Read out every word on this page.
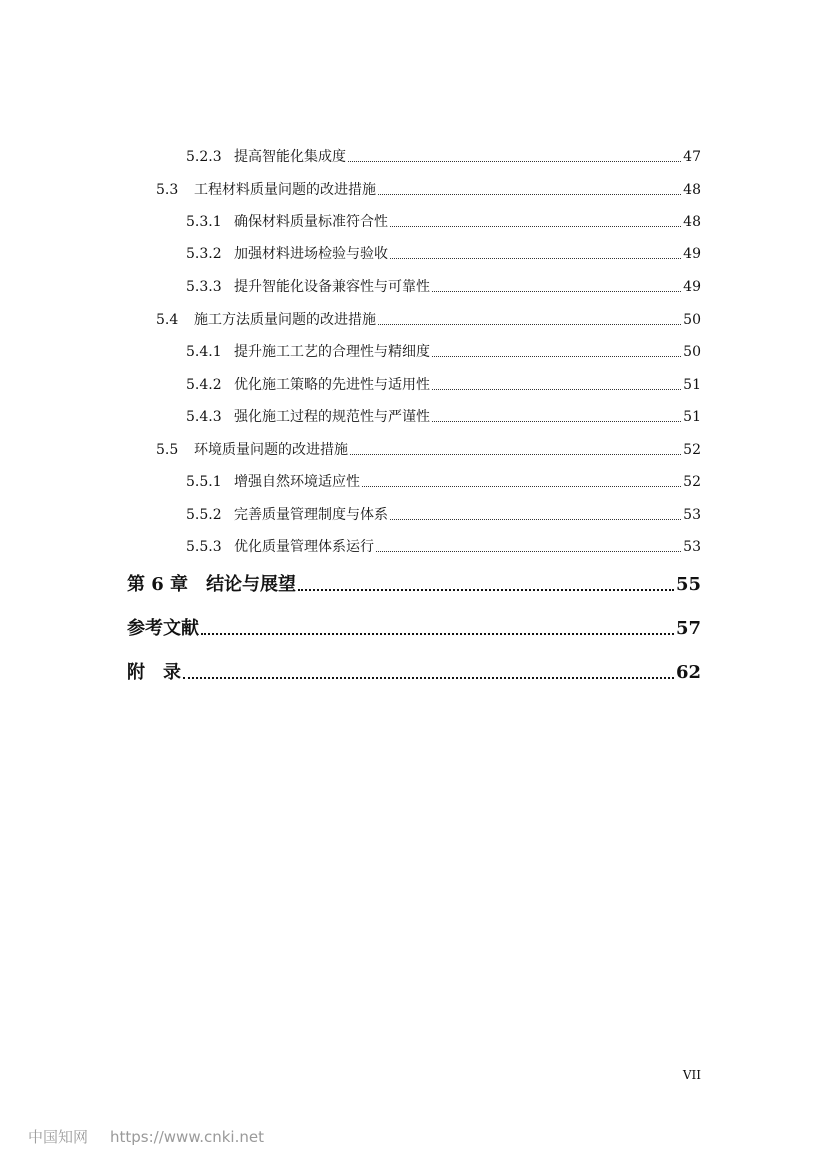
5.2.3 提高智能化集成度	47
5.3	工程材料质量问题的改进措施	48
5.3.1 确保材料质量标准符合性	48
5.3.2 加强材料进场检验与验收	49
5.3.3 提升智能化设备兼容性与可靠性	49
5.4	施工方法质量问题的改进措施	50
5.4.1 提升施工工艺的合理性与精细度	50
5.4.2 优化施工策略的先进性与适用性	51
5.4.3 强化施工过程的规范性与严谨性	51
5.5	环境质量问题的改进措施	52
5.5.1 增强自然环境适应性	52
5.5.2 完善质量管理制度与体系	53
5.5.3 优化质量管理体系运行	53
第 6 章 结论与展望	55
参考文献	57
附　录	62
VII
中国知网 https://www.cnki.net
